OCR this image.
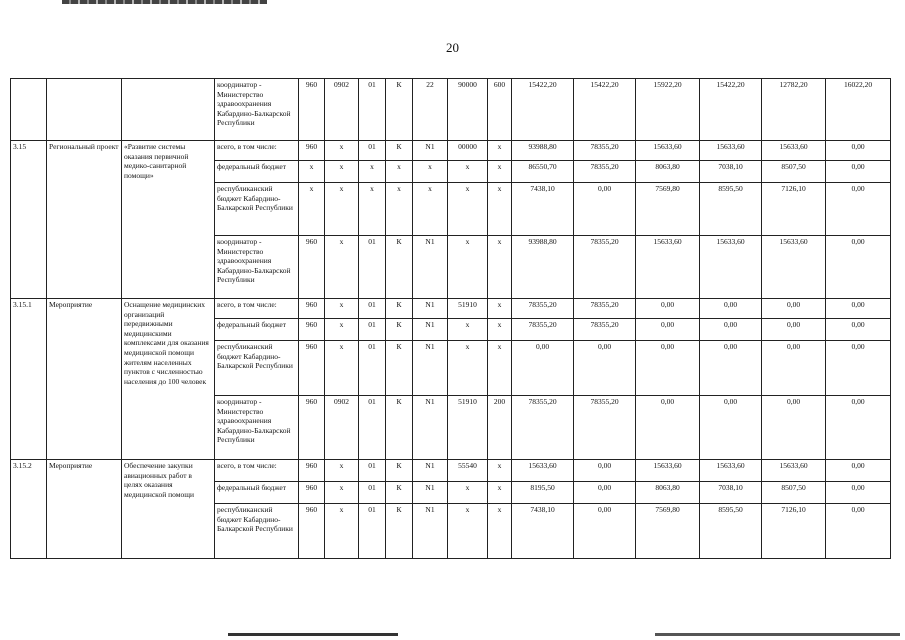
20
			координатор - Министерство здравоохранения Кабардино-Балкарской Республики	960	0902	01	К	22	90000	600	15422,20	15422,20	15922,20	15422,20	12782,20	16022,20
3.15	Региональный проект	«Развитие системы оказания первичной медико-санитарной помощи»	всего, в том числе:	960	х	01	К	N1	00000	х	93988,80	78355,20	15633,60	15633,60	15633,60	0,00
			федеральный бюджет	х	х	х	х	х	х	х	86550,70	78355,20	8063,80	7038,10	8507,50	0,00
			республиканский бюджет Кабардино-Балкарской Республики	х	х	х	х	х	х	х	7438,10	0,00	7569,80	8595,50	7126,10	0,00
			координатор - Министерство здравоохранения Кабардино-Балкарской Республики	960	х	01	К	N1	х	х	93988,80	78355,20	15633,60	15633,60	15633,60	0,00
3.15.1	Мероприятие	Оснащение медицинских организаций передвижными медицинскими комплексами для оказания медицинской помощи жителям населенных пунктов с численностью населения до 100 человек	всего, в том числе:	960	х	01	К	N1	51910	х	78355,20	78355,20	0,00	0,00	0,00	0,00
			федеральный бюджет	960	х	01	К	N1	х	х	78355,20	78355,20	0,00	0,00	0,00	0,00
			республиканский бюджет Кабардино-Балкарской Республики	960	х	01	К	N1	х	х	0,00	0,00	0,00	0,00	0,00	0,00
			координатор - Министерство здравоохранения Кабардино-Балкарской Республики	960	0902	01	К	N1	51910	200	78355,20	78355,20	0,00	0,00	0,00	0,00
3.15.2	Мероприятие	Обеспечение закупки авиационных работ в целях оказания медицинской помощи	всего, в том числе:	960	х	01	К	N1	55540	х	15633,60	0,00	15633,60	15633,60	15633,60	0,00
			федеральный бюджет	960	х	01	К	N1	х	х	8195,50	0,00	8063,80	7038,10	8507,50	0,00
			республиканский бюджет Кабардино-Балкарской Республики	960	х	01	К	N1	х	х	7438,10	0,00	7569,80	8595,50	7126,10	0,00
